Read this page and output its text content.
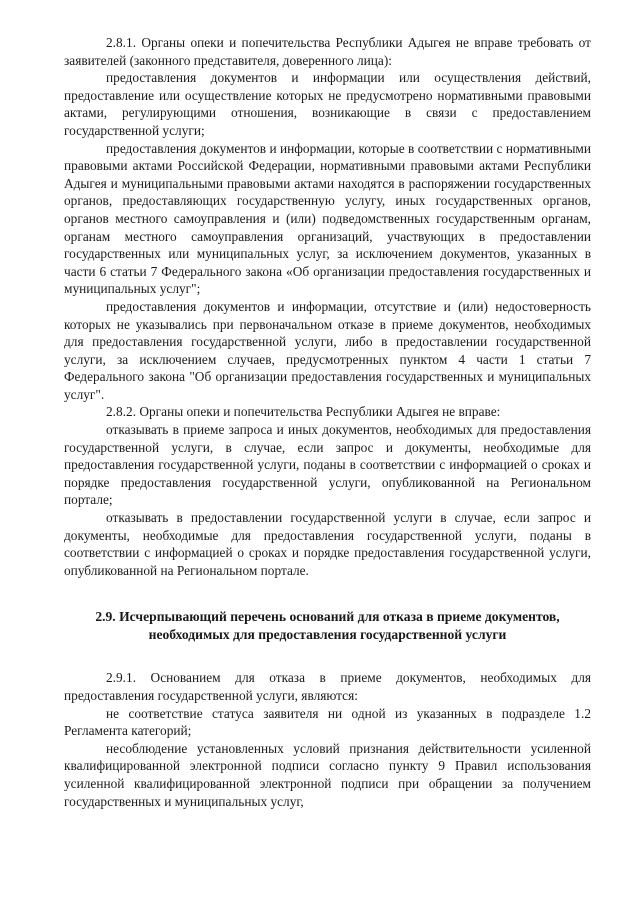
2.8.1. Органы опеки и попечительства Республики Адыгея не вправе требовать от заявителей (законного представителя, доверенного лица):

предоставления документов и информации или осуществления действий, предоставление или осуществление которых не предусмотрено нормативными правовыми актами, регулирующими отношения, возникающие в связи с предоставлением государственной услуги;

предоставления документов и информации, которые в соответствии с нормативными правовыми актами Российской Федерации, нормативными правовыми актами Республики Адыгея и муниципальными правовыми актами находятся в распоряжении государственных органов, предоставляющих государственную услугу, иных государственных органов, органов местного самоуправления и (или) подведомственных государственным органам, органам местного самоуправления организаций, участвующих в предоставлении государственных или муниципальных услуг, за исключением документов, указанных в части 6 статьи 7 Федерального закона «Об организации предоставления государственных и муниципальных услуг";

предоставления документов и информации, отсутствие и (или) недостоверность которых не указывались при первоначальном отказе в приеме документов, необходимых для предоставления государственной услуги, либо в предоставлении государственной услуги, за исключением случаев, предусмотренных пунктом 4 части 1 статьи 7 Федерального закона "Об организации предоставления государственных и муниципальных услуг".

2.8.2. Органы опеки и попечительства Республики Адыгея не вправе:

отказывать в приеме запроса и иных документов, необходимых для предоставления государственной услуги, в случае, если запрос и документы, необходимые для предоставления государственной услуги, поданы в соответствии с информацией о сроках и порядке предоставления государственной услуги, опубликованной на Региональном портале;

отказывать в предоставлении государственной услуги в случае, если запрос и документы, необходимые для предоставления государственной услуги, поданы в соответствии с информацией о сроках и порядке предоставления государственной услуги, опубликованной на Региональном портале.

2.9. Исчерпывающий перечень оснований для отказа в приеме документов, необходимых для предоставления государственной услуги

2.9.1. Основанием для отказа в приеме документов, необходимых для предоставления государственной услуги, являются:

не соответствие статуса заявителя ни одной из указанных в подразделе 1.2 Регламента категорий;

несоблюдение установленных условий признания действительности усиленной квалифицированной электронной подписи согласно пункту 9 Правил использования усиленной квалифицированной электронной подписи при обращении за получением государственных и муниципальных услуг,
